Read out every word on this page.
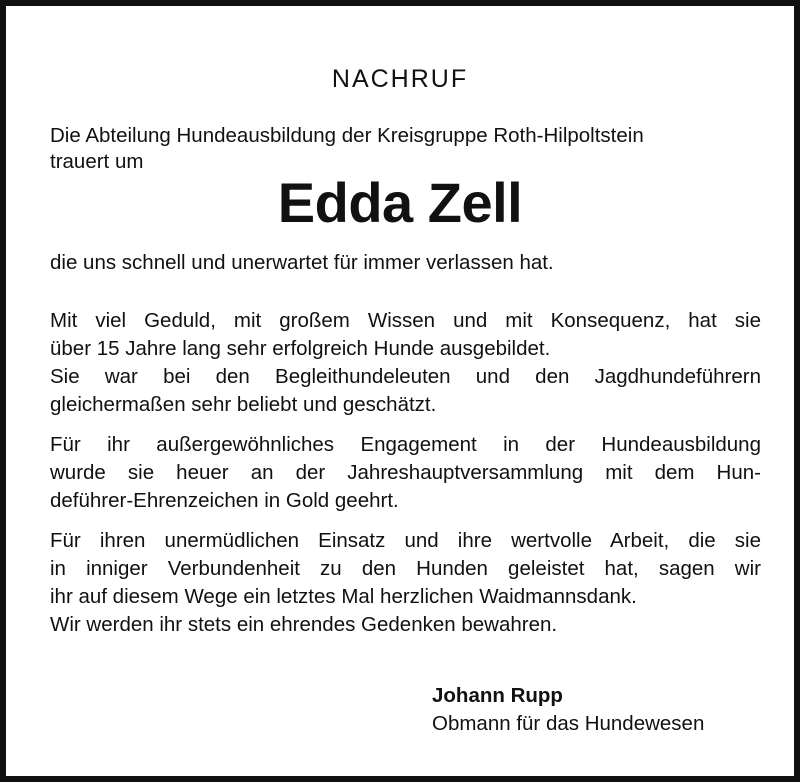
NACHRUF
Die Abteilung Hundeausbildung der Kreisgruppe Roth-Hilpoltstein
trauert um
Edda Zell
die uns schnell und unerwartet für immer verlassen hat.
Mit viel Geduld, mit großem Wissen und mit Konsequenz, hat sie
über 15 Jahre lang sehr erfolgreich Hunde ausgebildet.
Sie war bei den Begleithundeleuten und den Jagdhundeführern
gleichermaßen sehr beliebt und geschätzt.
Für ihr außergewöhnliches Engagement in der Hundeausbildung
wurde sie heuer an der Jahreshauptversammlung mit dem Hun-
deführer-Ehrenzeichen in Gold geehrt.
Für ihren unermüdlichen Einsatz und ihre wertvolle Arbeit, die sie
in inniger Verbundenheit zu den Hunden geleistet hat, sagen wir
ihr auf diesem Wege ein letztes Mal herzlichen Waidmannsdank.
Wir werden ihr stets ein ehrendes Gedenken bewahren.
Johann Rupp
Obmann für das Hundewesen
